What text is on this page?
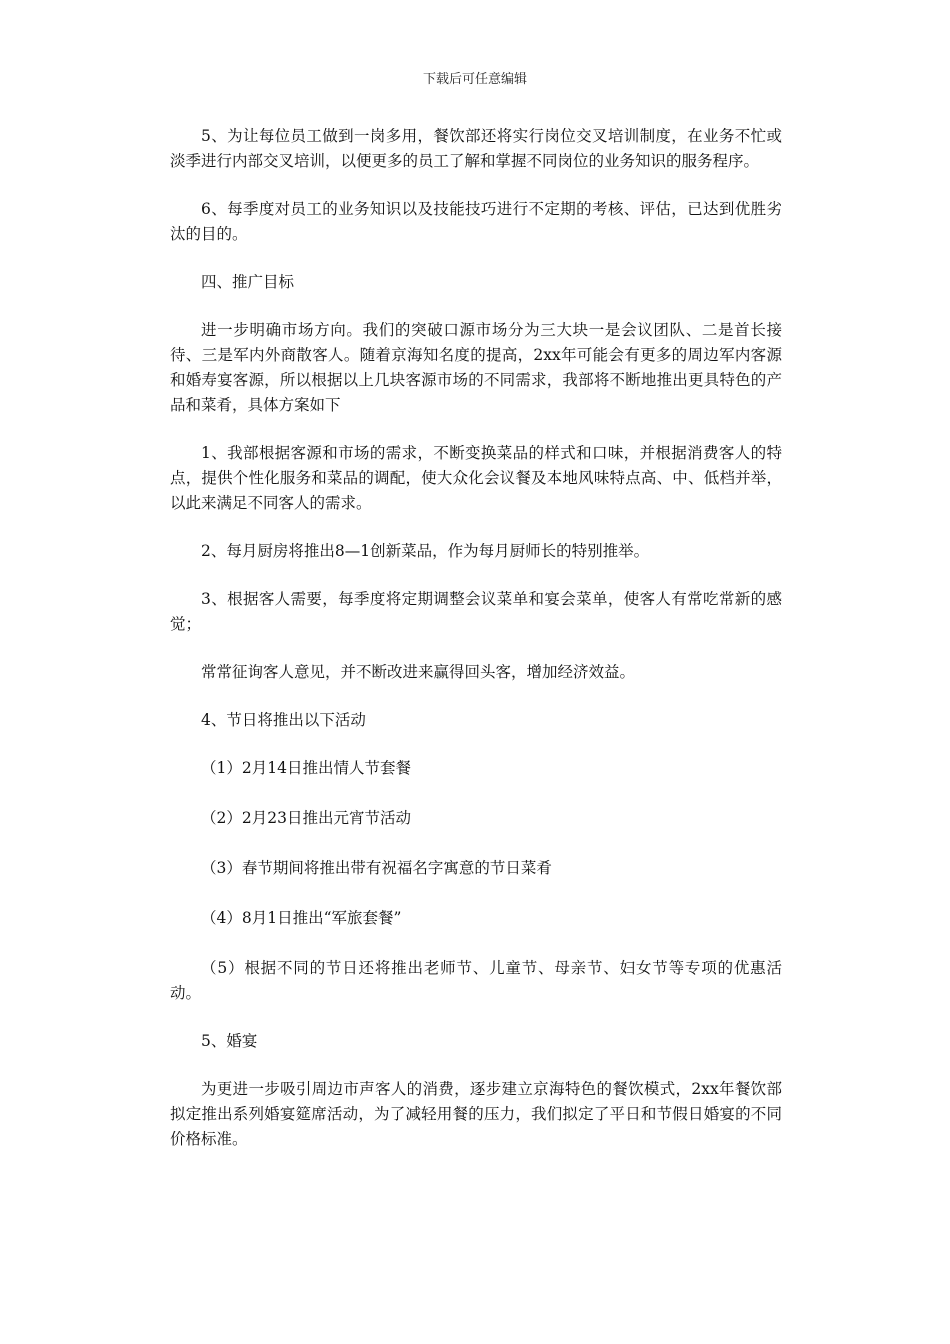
下载后可任意编辑

5、为让每位员工做到一岗多用，餐饮部还将实行岗位交叉培训制度，在业务不忙或淡季进行内部交叉培训，以便更多的员工了解和掌握不同岗位的业务知识的服务程序。

6、每季度对员工的业务知识以及技能技巧进行不定期的考核、评估，已达到优胜劣汰的目的。

四、推广目标

进一步明确市场方向。我们的突破口源市场分为三大块一是会议团队、二是首长接待、三是军内外商散客人。随着京海知名度的提高，2xx年可能会有更多的周边军内客源和婚寿宴客源，所以根据以上几块客源市场的不同需求，我部将不断地推出更具特色的产品和菜肴，具体方案如下

1、我部根据客源和市场的需求，不断变换菜品的样式和口味，并根据消费客人的特点，提供个性化服务和菜品的调配，使大众化会议餐及本地风味特点高、中、低档并举，以此来满足不同客人的需求。

2、每月厨房将推出8—1创新菜品，作为每月厨师长的特别推举。

3、根据客人需要，每季度将定期调整会议菜单和宴会菜单，使客人有常吃常新的感觉；

常常征询客人意见，并不断改进来赢得回头客，增加经济效益。

4、节日将推出以下活动

（1）2月14日推出情人节套餐

（2）2月23日推出元宵节活动

（3）春节期间将推出带有祝福名字寓意的节日菜肴

（4）8月1日推出“军旅套餐”

（5）根据不同的节日还将推出老师节、儿童节、母亲节、妇女节等专项的优惠活动。

5、婚宴

为更进一步吸引周边市声客人的消费，逐步建立京海特色的餐饮模式，2xx年餐饮部拟定推出系列婚宴筵席活动，为了减轻用餐的压力，我们拟定了平日和节假日婚宴的不同价格标准。
